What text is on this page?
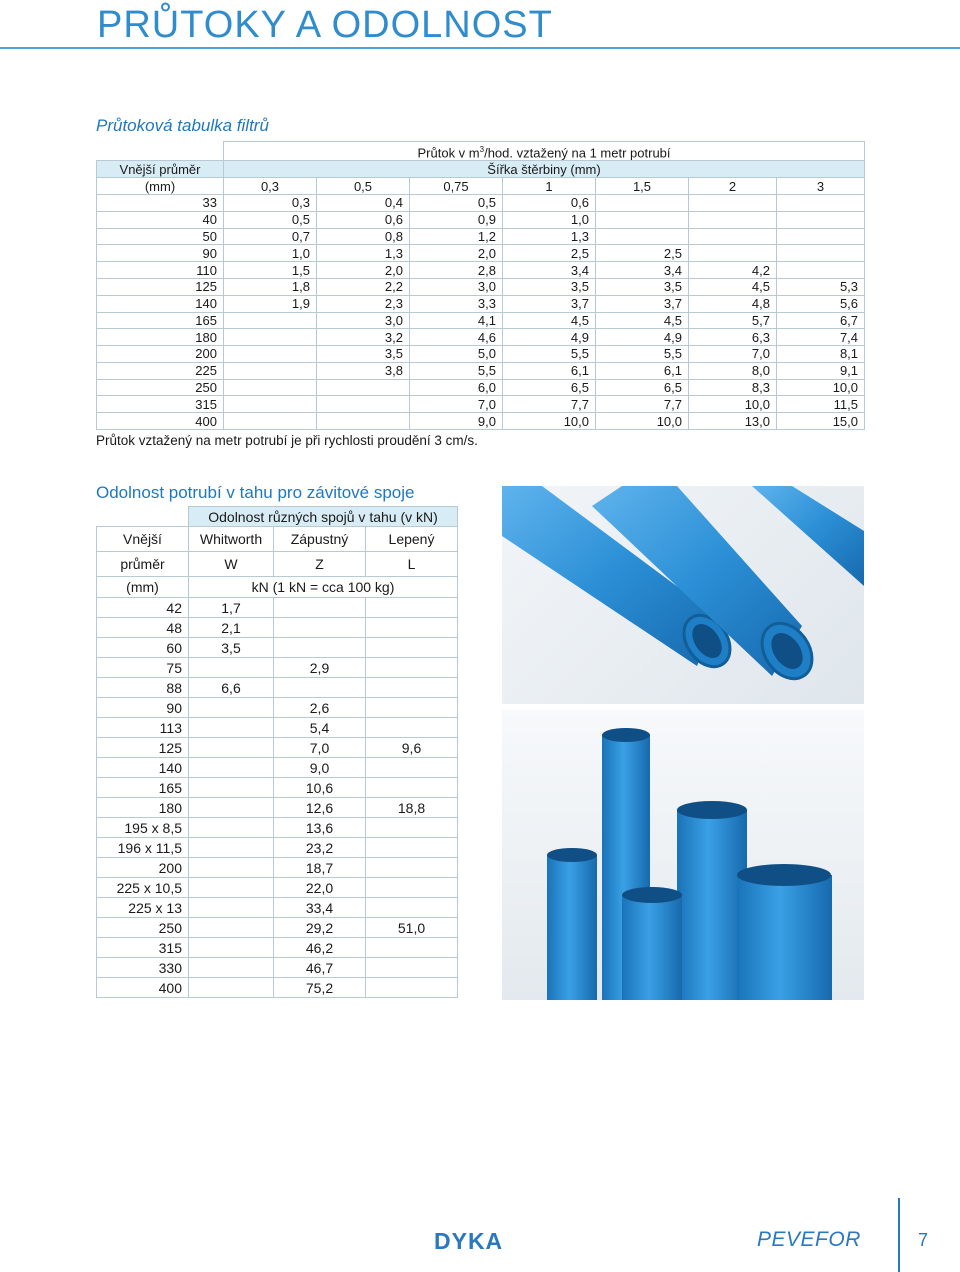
PRŮTOKY A ODOLNOST
Průtoková tabulka filtrů
	Průtok v $m^3$/hod. vztažený na 1 metr potrubí						
Vnější průměr	Šířka štěrbiny (mm)						
(mm)	0,3	0,5	0,75	1	1,5	2	3
33	0,3	0,4	0,5	0,6			
40	0,5	0,6	0,9	1,0			
50	0,7	0,8	1,2	1,3			
90	1,0	1,3	2,0	2,5	2,5		
110	1,5	2,0	2,8	3,4	3,4	4,2	
125	1,8	2,2	3,0	3,5	3,5	4,5	5,3
140	1,9	2,3	3,3	3,7	3,7	4,8	5,6
165		3,0	4,1	4,5	4,5	5,7	6,7
180		3,2	4,6	4,9	4,9	6,3	7,4
200		3,5	5,0	5,5	5,5	7,0	8,1
225		3,8	5,5	6,1	6,1	8,0	9,1
250			6,0	6,5	6,5	8,3	10,0
315			7,0	7,7	7,7	10,0	11,5
400			9,0	10,0	10,0	13,0	15,0
Průtok vztažený na metr potrubí je při rychlosti proudění 3 cm/s.
Odolnost potrubí v tahu pro závitové spoje
	Odolnost různých spojů v tahu (v kN)		
Vnější	Whitworth	Zápustný	Lepený
průměr	W	Z	L
(mm)	kN (1 kN = cca 100 kg)		
42	1,7		
48	2,1		
60	3,5		
75		2,9	
88	6,6		
90		2,6	
113		5,4	
125		7,0	9,6
140		9,0	
165		10,6	
180		12,6	18,8
195 x 8,5		13,6	
196 x 11,5		23,2	
200		18,7	
225 x 10,5		22,0	
225 x 13		33,4	
250		29,2	51,0
315		46,2	
330		46,7	
400		75,2	
DYKA	PEVEFOR	7
